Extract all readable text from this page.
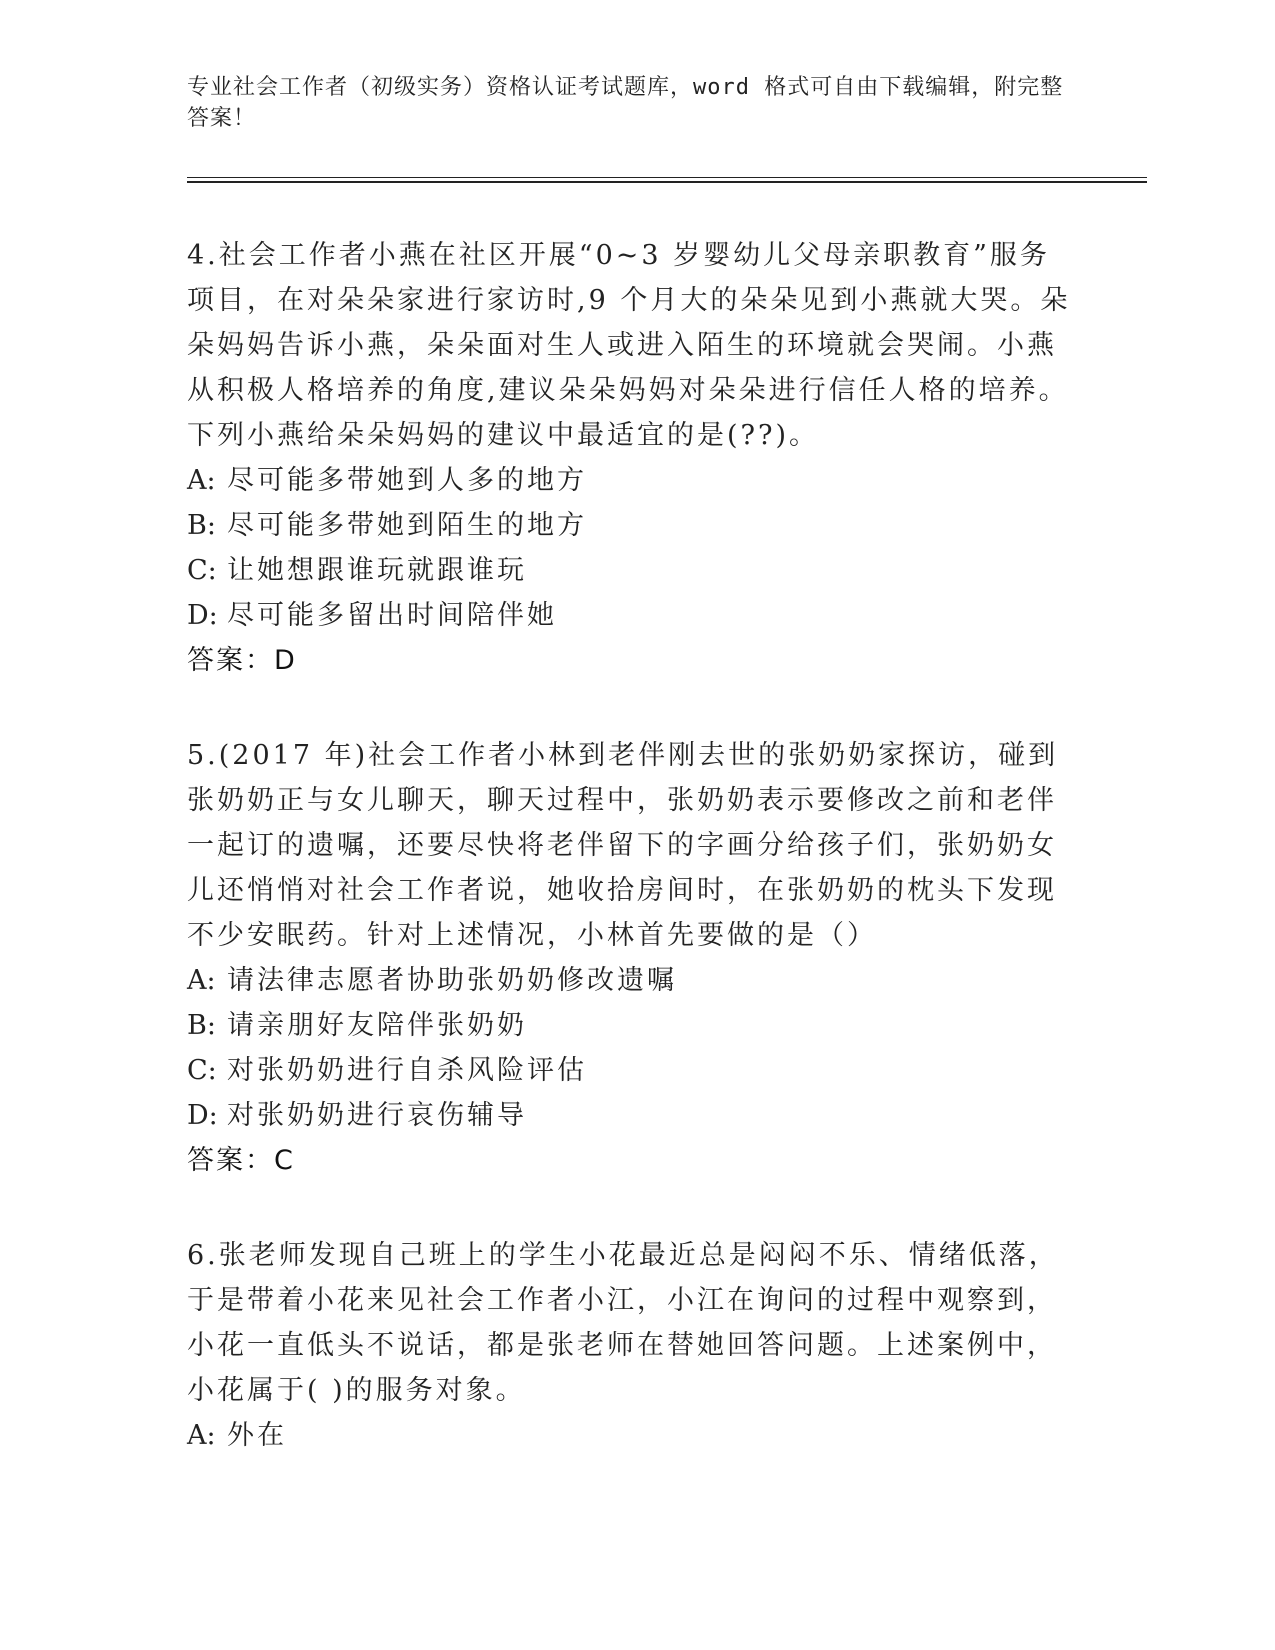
专业社会工作者（初级实务）资格认证考试题库，word 格式可自由下载编辑，附完整答案！
4.社会工作者小燕在社区开展“0~3 岁婴幼儿父母亲职教育”服务项目，在对朵朵家进行家访时,9 个月大的朵朵见到小燕就大哭。朵朵妈妈告诉小燕，朵朵面对生人或进入陌生的环境就会哭闹。小燕从积极人格培养的角度,建议朵朵妈妈对朵朵进行信任人格的培养。下列小燕给朵朵妈妈的建议中最适宜的是(??)。
A: 尽可能多带她到人多的地方
B: 尽可能多带她到陌生的地方
C: 让她想跟谁玩就跟谁玩
D: 尽可能多留出时间陪伴她
答案：D
5.(2017 年)社会工作者小林到老伴刚去世的张奶奶家探访，碰到张奶奶正与女儿聊天，聊天过程中，张奶奶表示要修改之前和老伴一起订的遗嘱，还要尽快将老伴留下的字画分给孩子们，张奶奶女儿还悄悄对社会工作者说，她收拾房间时，在张奶奶的枕头下发现不少安眠药。针对上述情况，小林首先要做的是（）
A: 请法律志愿者协助张奶奶修改遗嘱
B: 请亲朋好友陪伴张奶奶
C: 对张奶奶进行自杀风险评估
D: 对张奶奶进行哀伤辅导
答案：C
6.张老师发现自己班上的学生小花最近总是闷闷不乐、情绪低落，于是带着小花来见社会工作者小江，小江在询问的过程中观察到，小花一直低头不说话，都是张老师在替她回答问题。上述案例中，小花属于( )的服务对象。
A: 外在
